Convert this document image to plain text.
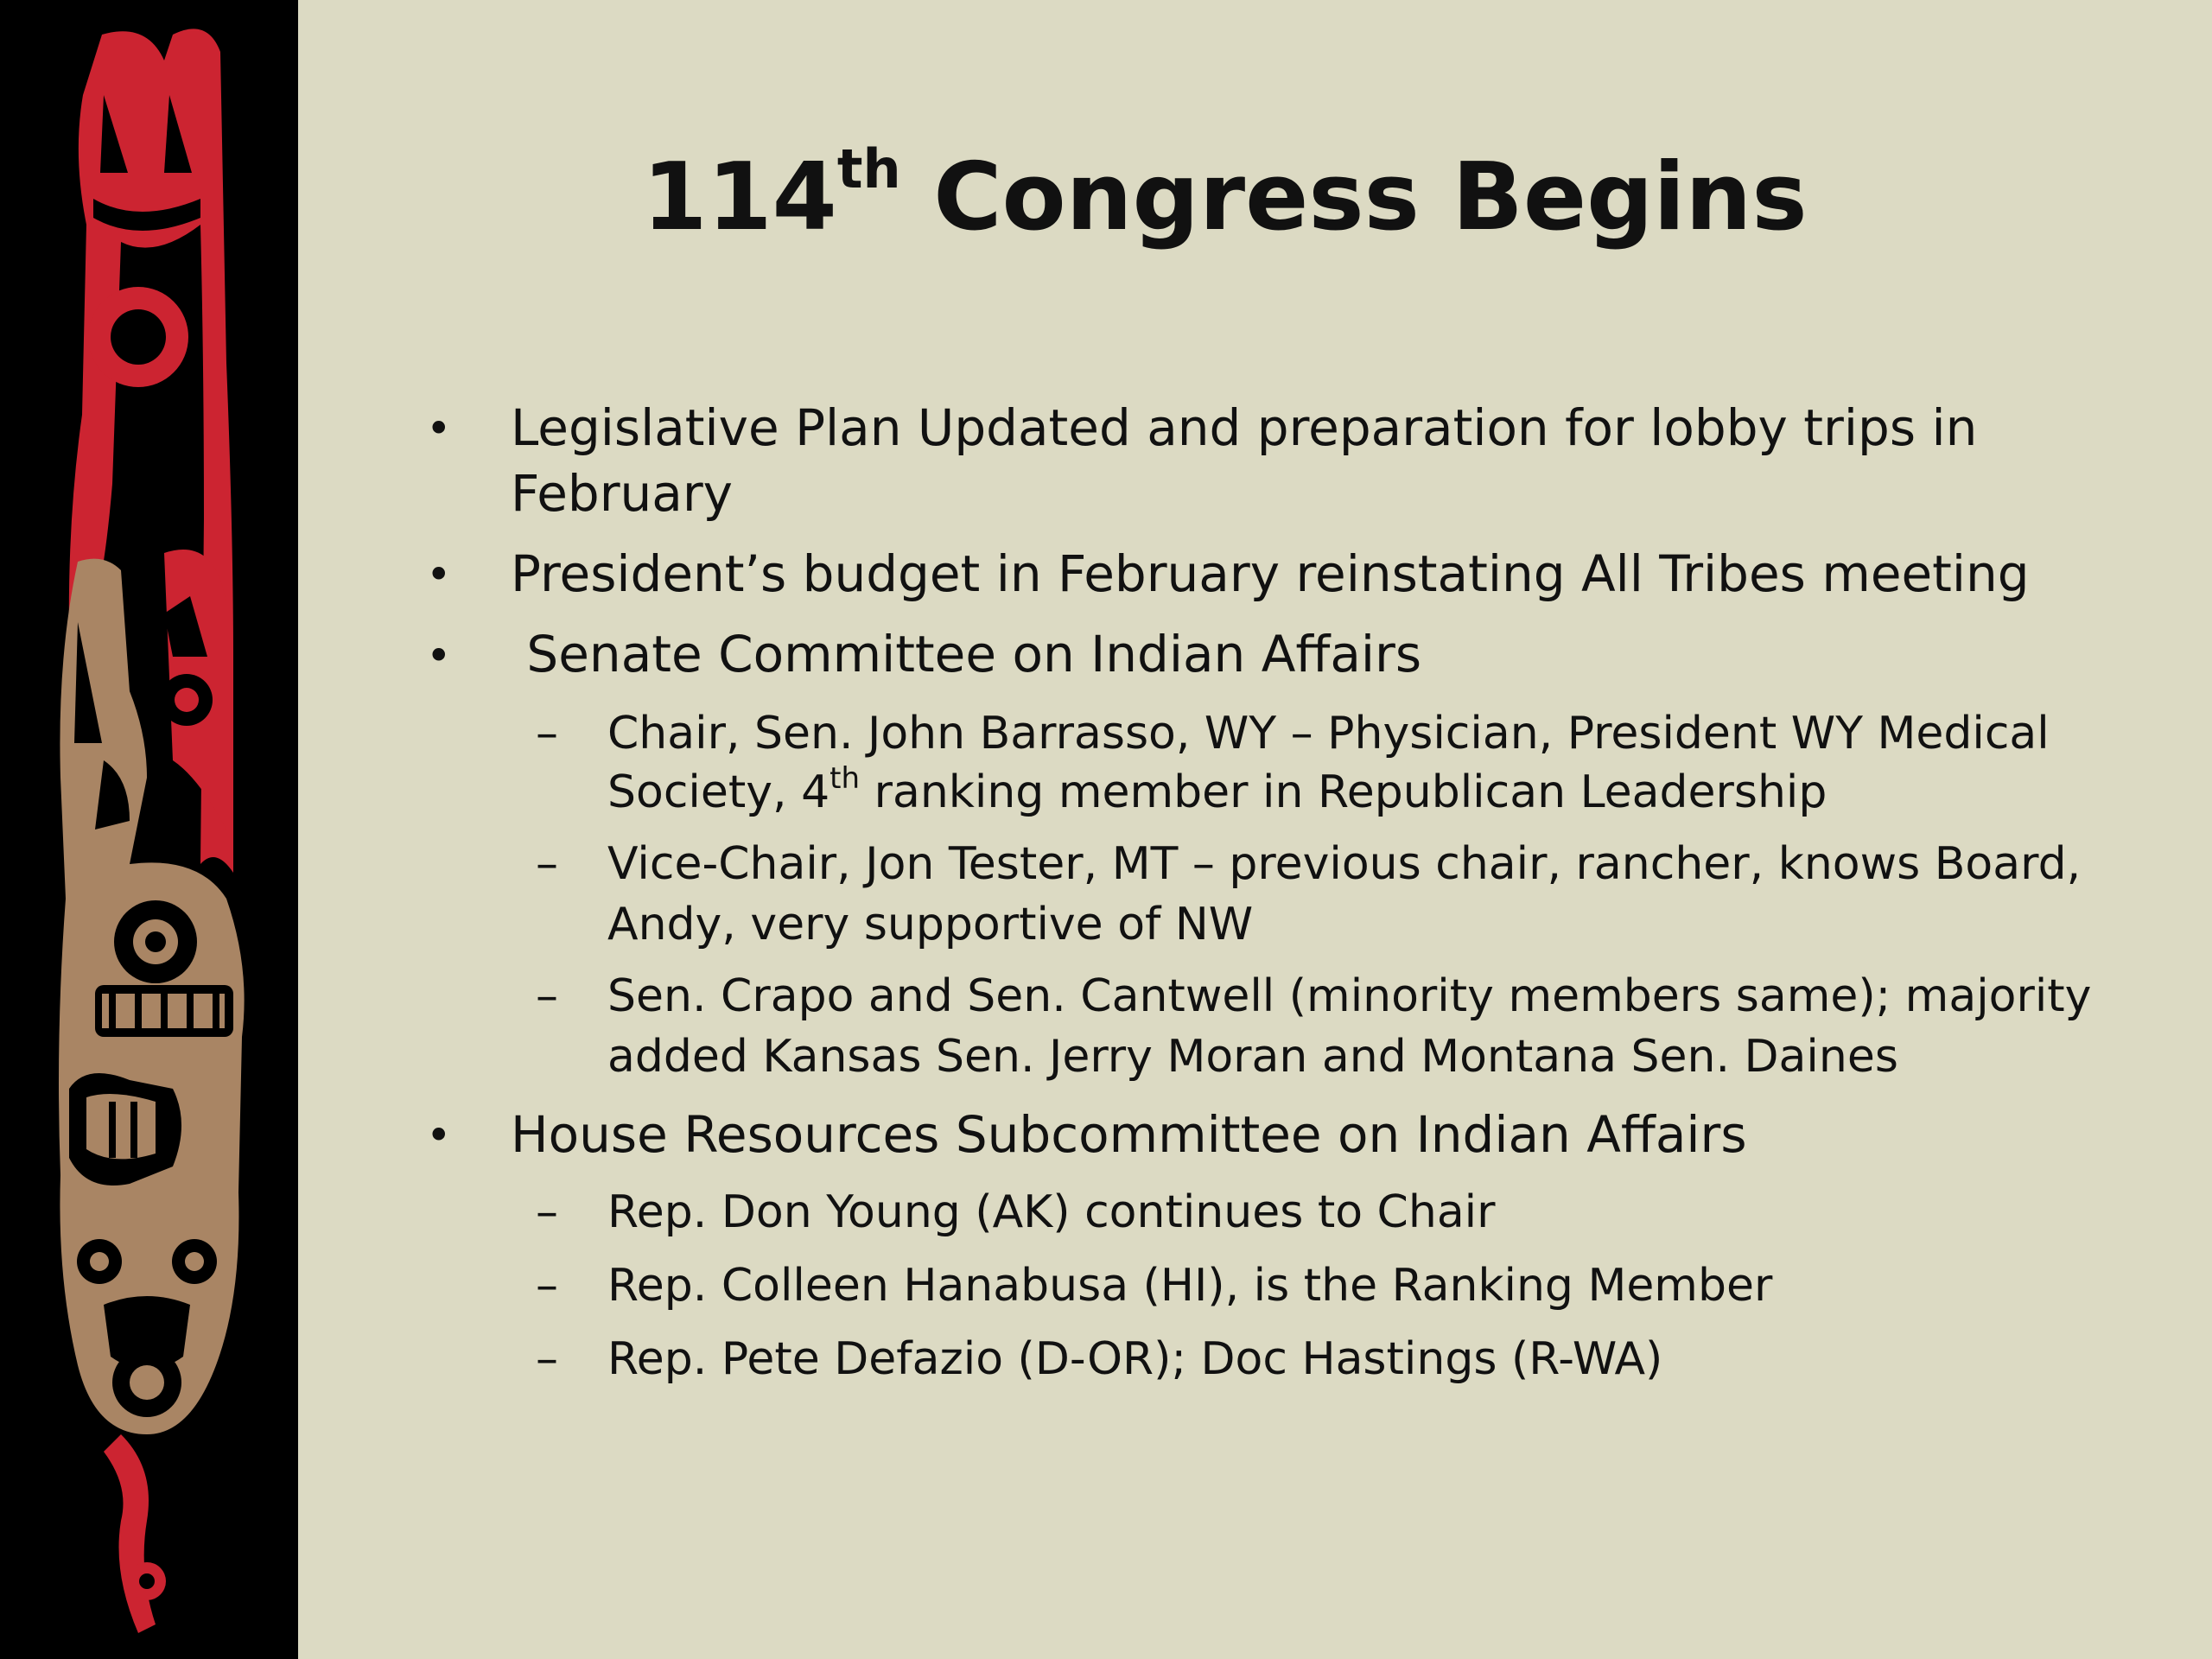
114th Congress Begins
• Legislative Plan Updated and preparation for lobby trips in
February
• President’s budget in February reinstating All Tribes meeting
• Senate Committee on Indian Affairs
– Chair, Sen. John Barrasso, WY – Physician, President WY Medical
Society, 4th ranking member in Republican Leadership
– Vice-Chair, Jon Tester, MT – previous chair, rancher, knows Board,
Andy, very supportive of NW
– Sen. Crapo and Sen. Cantwell (minority members same); majority
added Kansas Sen. Jerry Moran and Montana Sen. Daines
• House Resources Subcommittee on Indian Affairs
– Rep. Don Young (AK) continues to Chair
– Rep. Colleen Hanabusa (HI), is the Ranking Member
– Rep. Pete Defazio (D-OR); Doc Hastings (R-WA)
